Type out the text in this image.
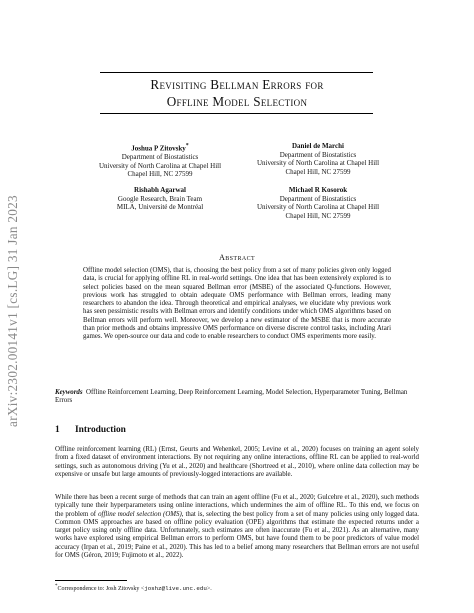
arXiv:2302.00141v1 [cs.LG] 31 Jan 2023
Revisiting Bellman Errors for
Offline Model Selection
Joshua P Zitovsky*
Department of Biostatistics
University of North Carolina at Chapel Hill
Chapel Hill, NC 27599
Daniel de Marchi
Department of Biostatistics
University of North Carolina at Chapel Hill
Chapel Hill, NC 27599
Rishabh Agarwal
Google Research, Brain Team
MILA, Université de Montréal
Michael R Kosorok
Department of Biostatistics
University of North Carolina at Chapel Hill
Chapel Hill, NC 27599
Abstract
Offline model selection (OMS), that is, choosing the best policy from a set of many policies given only logged data, is crucial for applying offline RL in real-world settings. One idea that has been extensively explored is to select policies based on the mean squared Bellman error (MSBE) of the associated Q-functions. However, previous work has struggled to obtain adequate OMS performance with Bellman errors, leading many researchers to abandon the idea. Through theoretical and empirical analyses, we elucidate why previous work has seen pessimistic results with Bellman errors and identify conditions under which OMS algorithms based on Bellman errors will perform well. Moreover, we develop a new estimator of the MSBE that is more accurate than prior methods and obtains impressive OMS performance on diverse discrete control tasks, including Atari games. We open-source our data and code to enable researchers to conduct OMS experiments more easily.
Keywords Offline Reinforcement Learning, Deep Reinforcement Learning, Model Selection, Hyperparameter Tuning, Bellman Errors
1 Introduction
Offline reinforcement learning (RL) (Ernst, Geurts and Wehenkel, 2005; Levine et al., 2020) focuses on training an agent solely from a fixed dataset of environment interactions. By not requiring any online interactions, offline RL can be applied to real-world settings, such as autonomous driving (Yu et al., 2020) and healthcare (Shortreed et al., 2010), where online data collection may be expensive or unsafe but large amounts of previously-logged interactions are available.
While there has been a recent surge of methods that can train an agent offline (Fu et al., 2020; Gulcehre et al., 2020), such methods typically tune their hyperparameters using online interactions, which undermines the aim of offline RL. To this end, we focus on the problem of offline model selection (OMS), that is, selecting the best policy from a set of many policies using only logged data. Common OMS approaches are based on offline policy evaluation (OPE) algorithms that estimate the expected returns under a target policy using only offline data. Unfortunately, such estimates are often inaccurate (Fu et al., 2021). As an alternative, many works have explored using empirical Bellman errors to perform OMS, but have found them to be poor predictors of value model accuracy (Irpan et al., 2019; Paine et al., 2020). This has led to a belief among many researchers that Bellman errors are not useful for OMS (Géron, 2019; Fujimoto et al., 2022).
*Correspondence to: Josh Zitovsky <joshz@live.unc.edu>.
